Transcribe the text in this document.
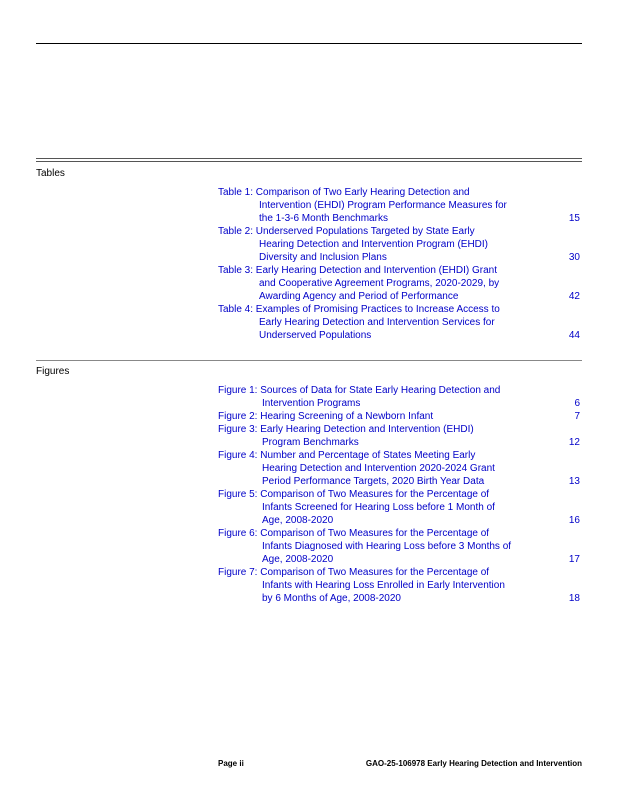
Tables
Table 1: Comparison of Two Early Hearing Detection and
Intervention (EHDI) Program Performance Measures for
the 1-3-6 Month Benchmarks	15
Table 2: Underserved Populations Targeted by State Early
Hearing Detection and Intervention Program (EHDI)
Diversity and Inclusion Plans	30
Table 3: Early Hearing Detection and Intervention (EHDI) Grant
and Cooperative Agreement Programs, 2020-2029, by
Awarding Agency and Period of Performance	42
Table 4: Examples of Promising Practices to Increase Access to
Early Hearing Detection and Intervention Services for
Underserved Populations	44
Figures
Figure 1: Sources of Data for State Early Hearing Detection and
Intervention Programs	6
Figure 2: Hearing Screening of a Newborn Infant	7
Figure 3: Early Hearing Detection and Intervention (EHDI)
Program Benchmarks	12
Figure 4: Number and Percentage of States Meeting Early
Hearing Detection and Intervention 2020-2024 Grant
Period Performance Targets, 2020 Birth Year Data	13
Figure 5: Comparison of Two Measures for the Percentage of
Infants Screened for Hearing Loss before 1 Month of
Age, 2008-2020	16
Figure 6: Comparison of Two Measures for the Percentage of
Infants Diagnosed with Hearing Loss before 3 Months of
Age, 2008-2020	17
Figure 7: Comparison of Two Measures for the Percentage of
Infants with Hearing Loss Enrolled in Early Intervention
by 6 Months of Age, 2008-2020	18
Page ii	GAO-25-106978 Early Hearing Detection and Intervention
